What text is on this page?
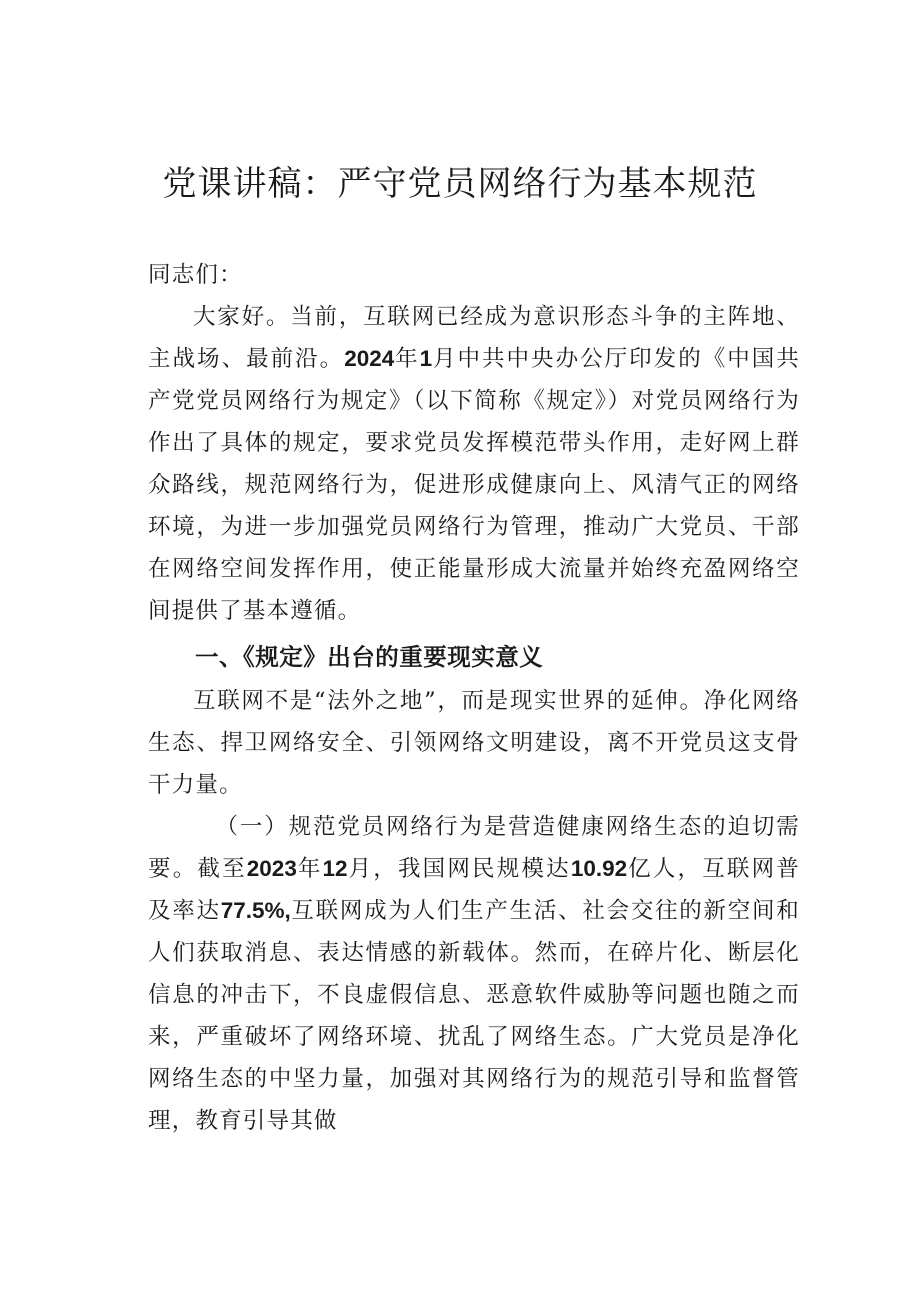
党课讲稿：严守党员网络行为基本规范

同志们：

大家好。当前，互联网已经成为意识形态斗争的主阵地、主战场、最前沿。2024年1月中共中央办公厅印发的《中国共产党党员网络行为规定》（以下简称《规定》）对党员网络行为作出了具体的规定，要求党员发挥模范带头作用，走好网上群众路线，规范网络行为，促进形成健康向上、风清气正的网络环境，为进一步加强党员网络行为管理，推动广大党员、干部在网络空间发挥作用，使正能量形成大流量并始终充盈网络空间提供了基本遵循。

一、《规定》出台的重要现实意义

互联网不是“法外之地”，而是现实世界的延伸。净化网络生态、捍卫网络安全、引领网络文明建设，离不开党员这支骨干力量。

（一）规范党员网络行为是营造健康网络生态的迫切需要。截至2023年12月，我国网民规模达10.92亿人，互联网普及率达77.5%,互联网成为人们生产生活、社会交往的新空间和人们获取消息、表达情感的新载体。然而，在碎片化、断层化信息的冲击下，不良虚假信息、恶意软件威胁等问题也随之而来，严重破坏了网络环境、扰乱了网络生态。广大党员是净化网络生态的中坚力量，加强对其网络行为的规范引导和监督管理，教育引导其做
